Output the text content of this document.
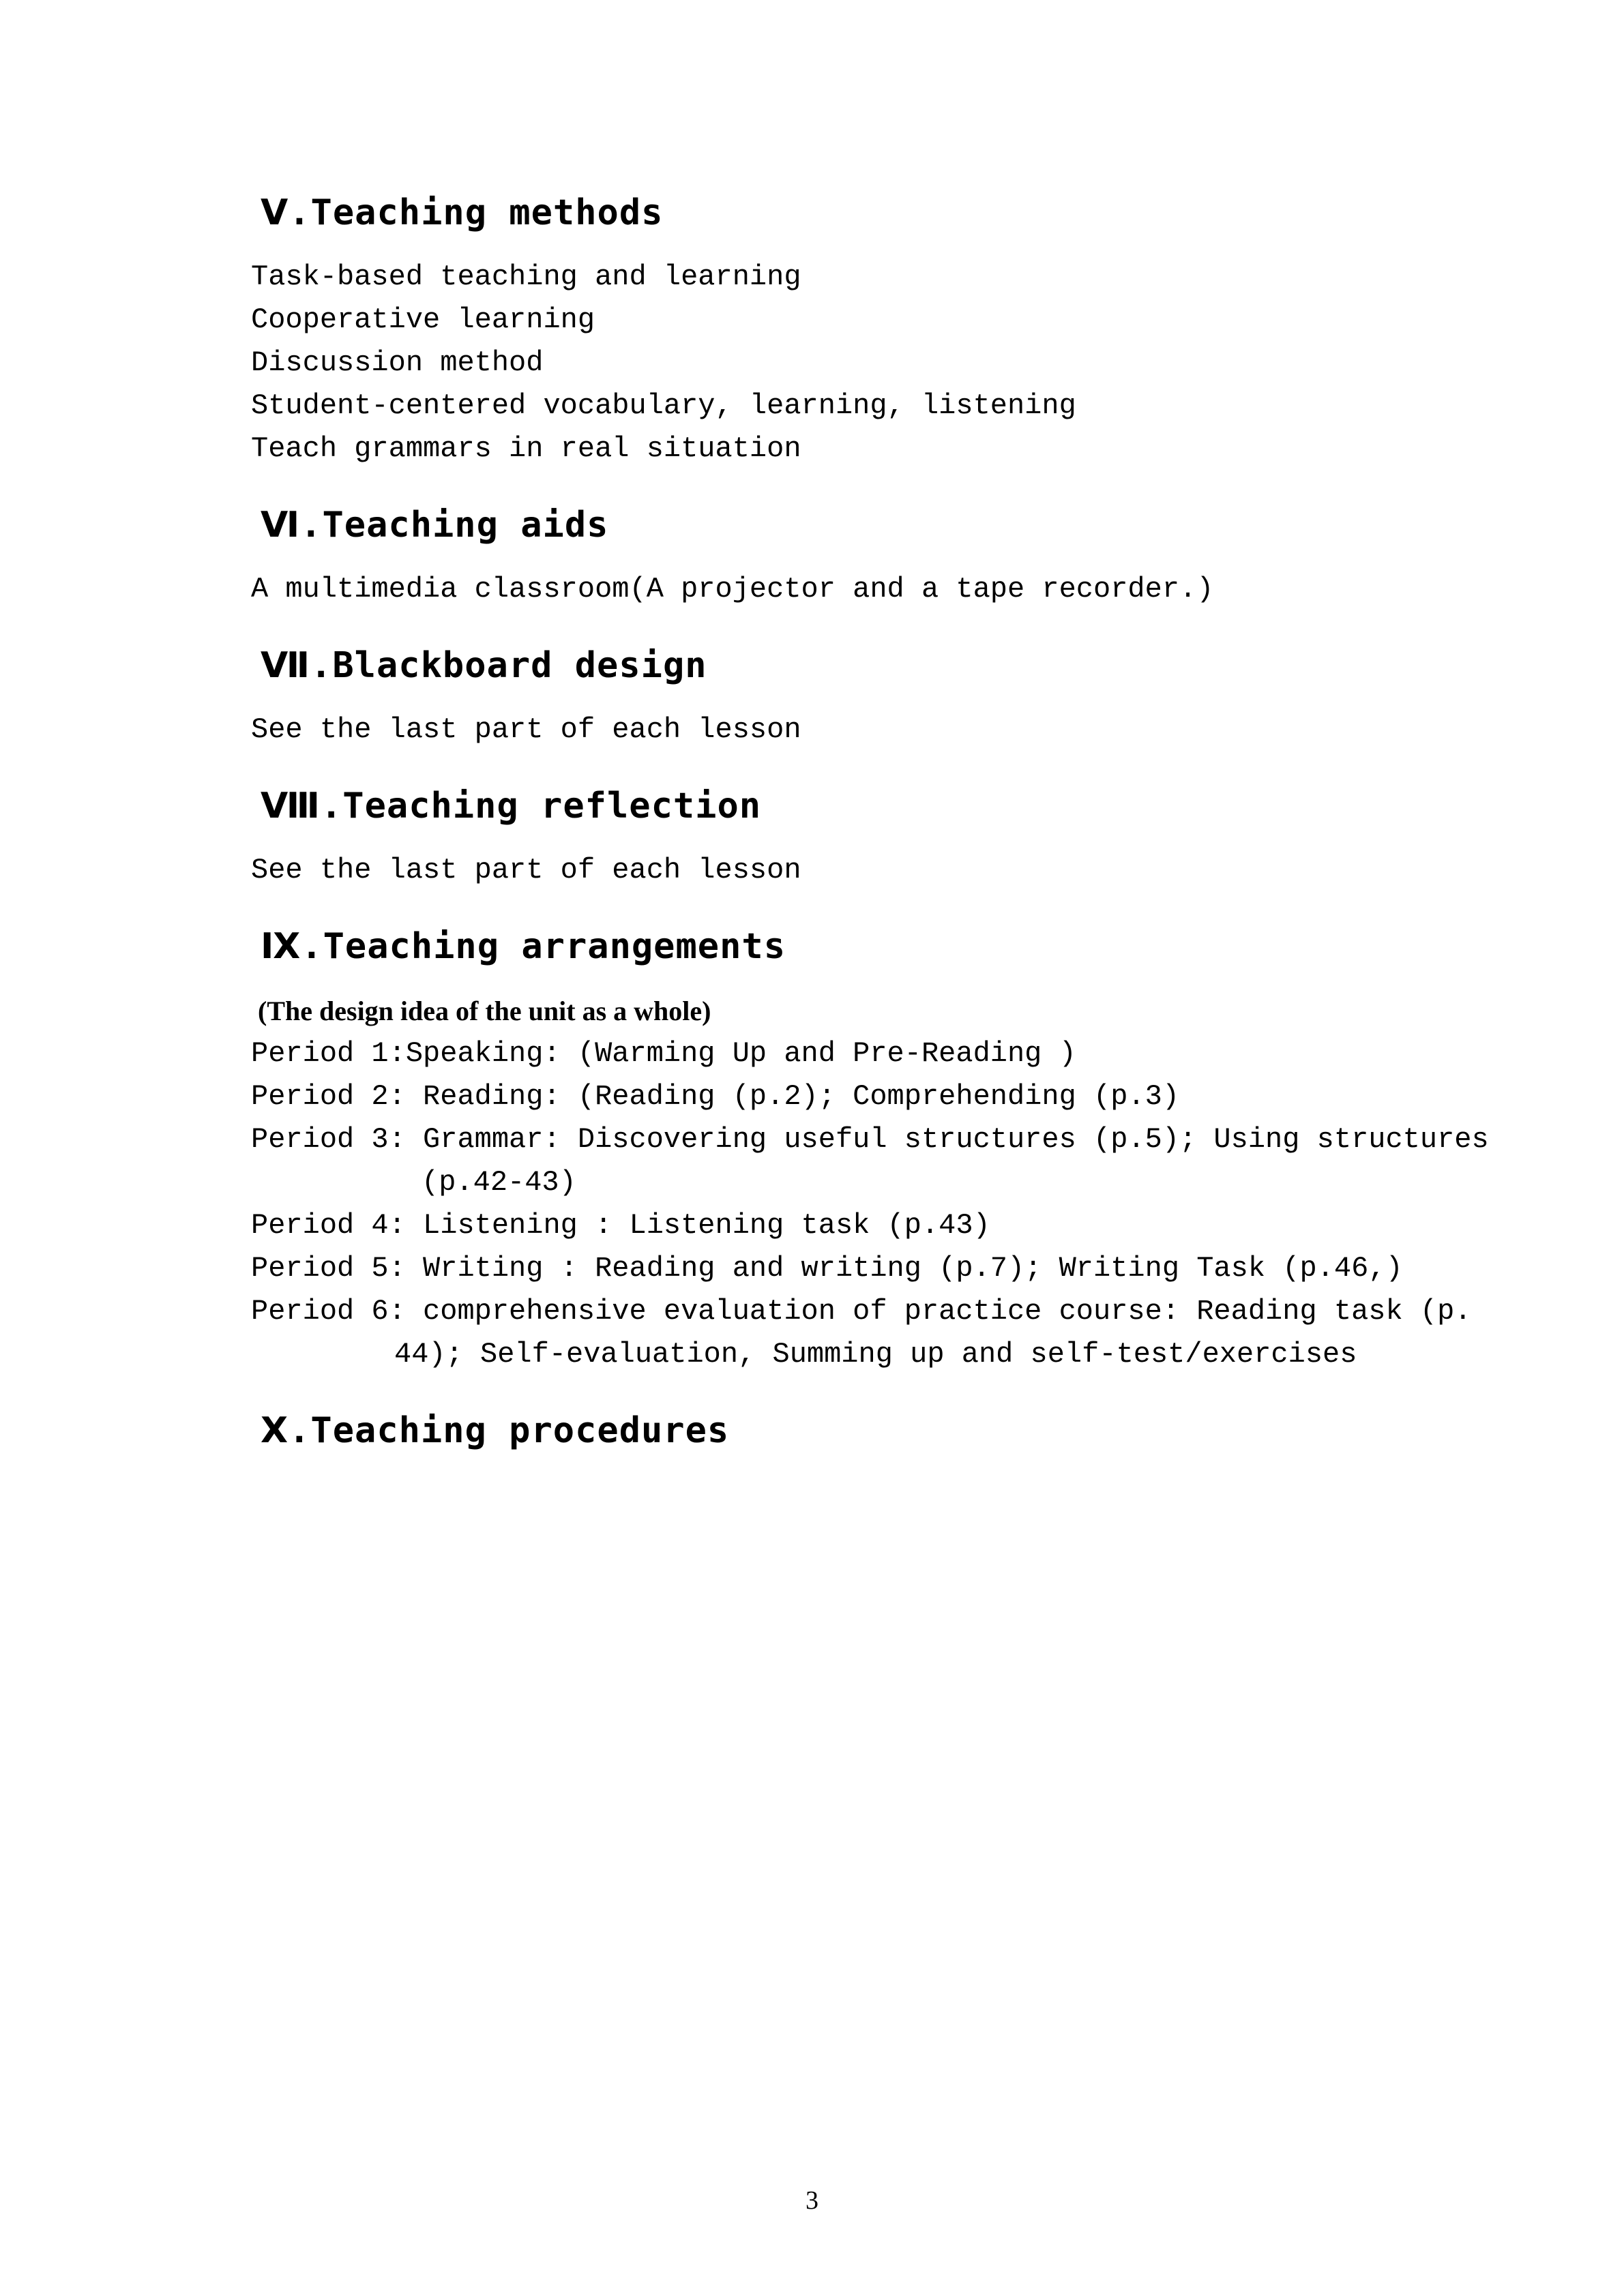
Ⅴ.Teaching methods
Task-based teaching and learning
Cooperative learning
Discussion method
Student-centered vocabulary, learning, listening
Teach grammars in real situation
Ⅵ.Teaching aids
A multimedia classroom(A projector and a tape recorder.)
Ⅶ.Blackboard design
See the last part of each lesson
Ⅷ.Teaching reflection
See the last part of each lesson
Ⅸ.Teaching arrangements
(The design idea of the unit as a whole)
Period 1:Speaking: (Warming Up and Pre-Reading )
Period 2: Reading: (Reading (p.2); Comprehending (p.3)
Period 3: Grammar: Discovering useful structures (p.5); Using structures
(p.42-43)
Period 4: Listening : Listening task (p.43)
Period 5: Writing : Reading and writing (p.7); Writing Task (p.46,)
Period 6: comprehensive evaluation of practice course: Reading task (p.
44); Self-evaluation, Summing up and self-test/exercises
Ⅹ.Teaching procedures
3
